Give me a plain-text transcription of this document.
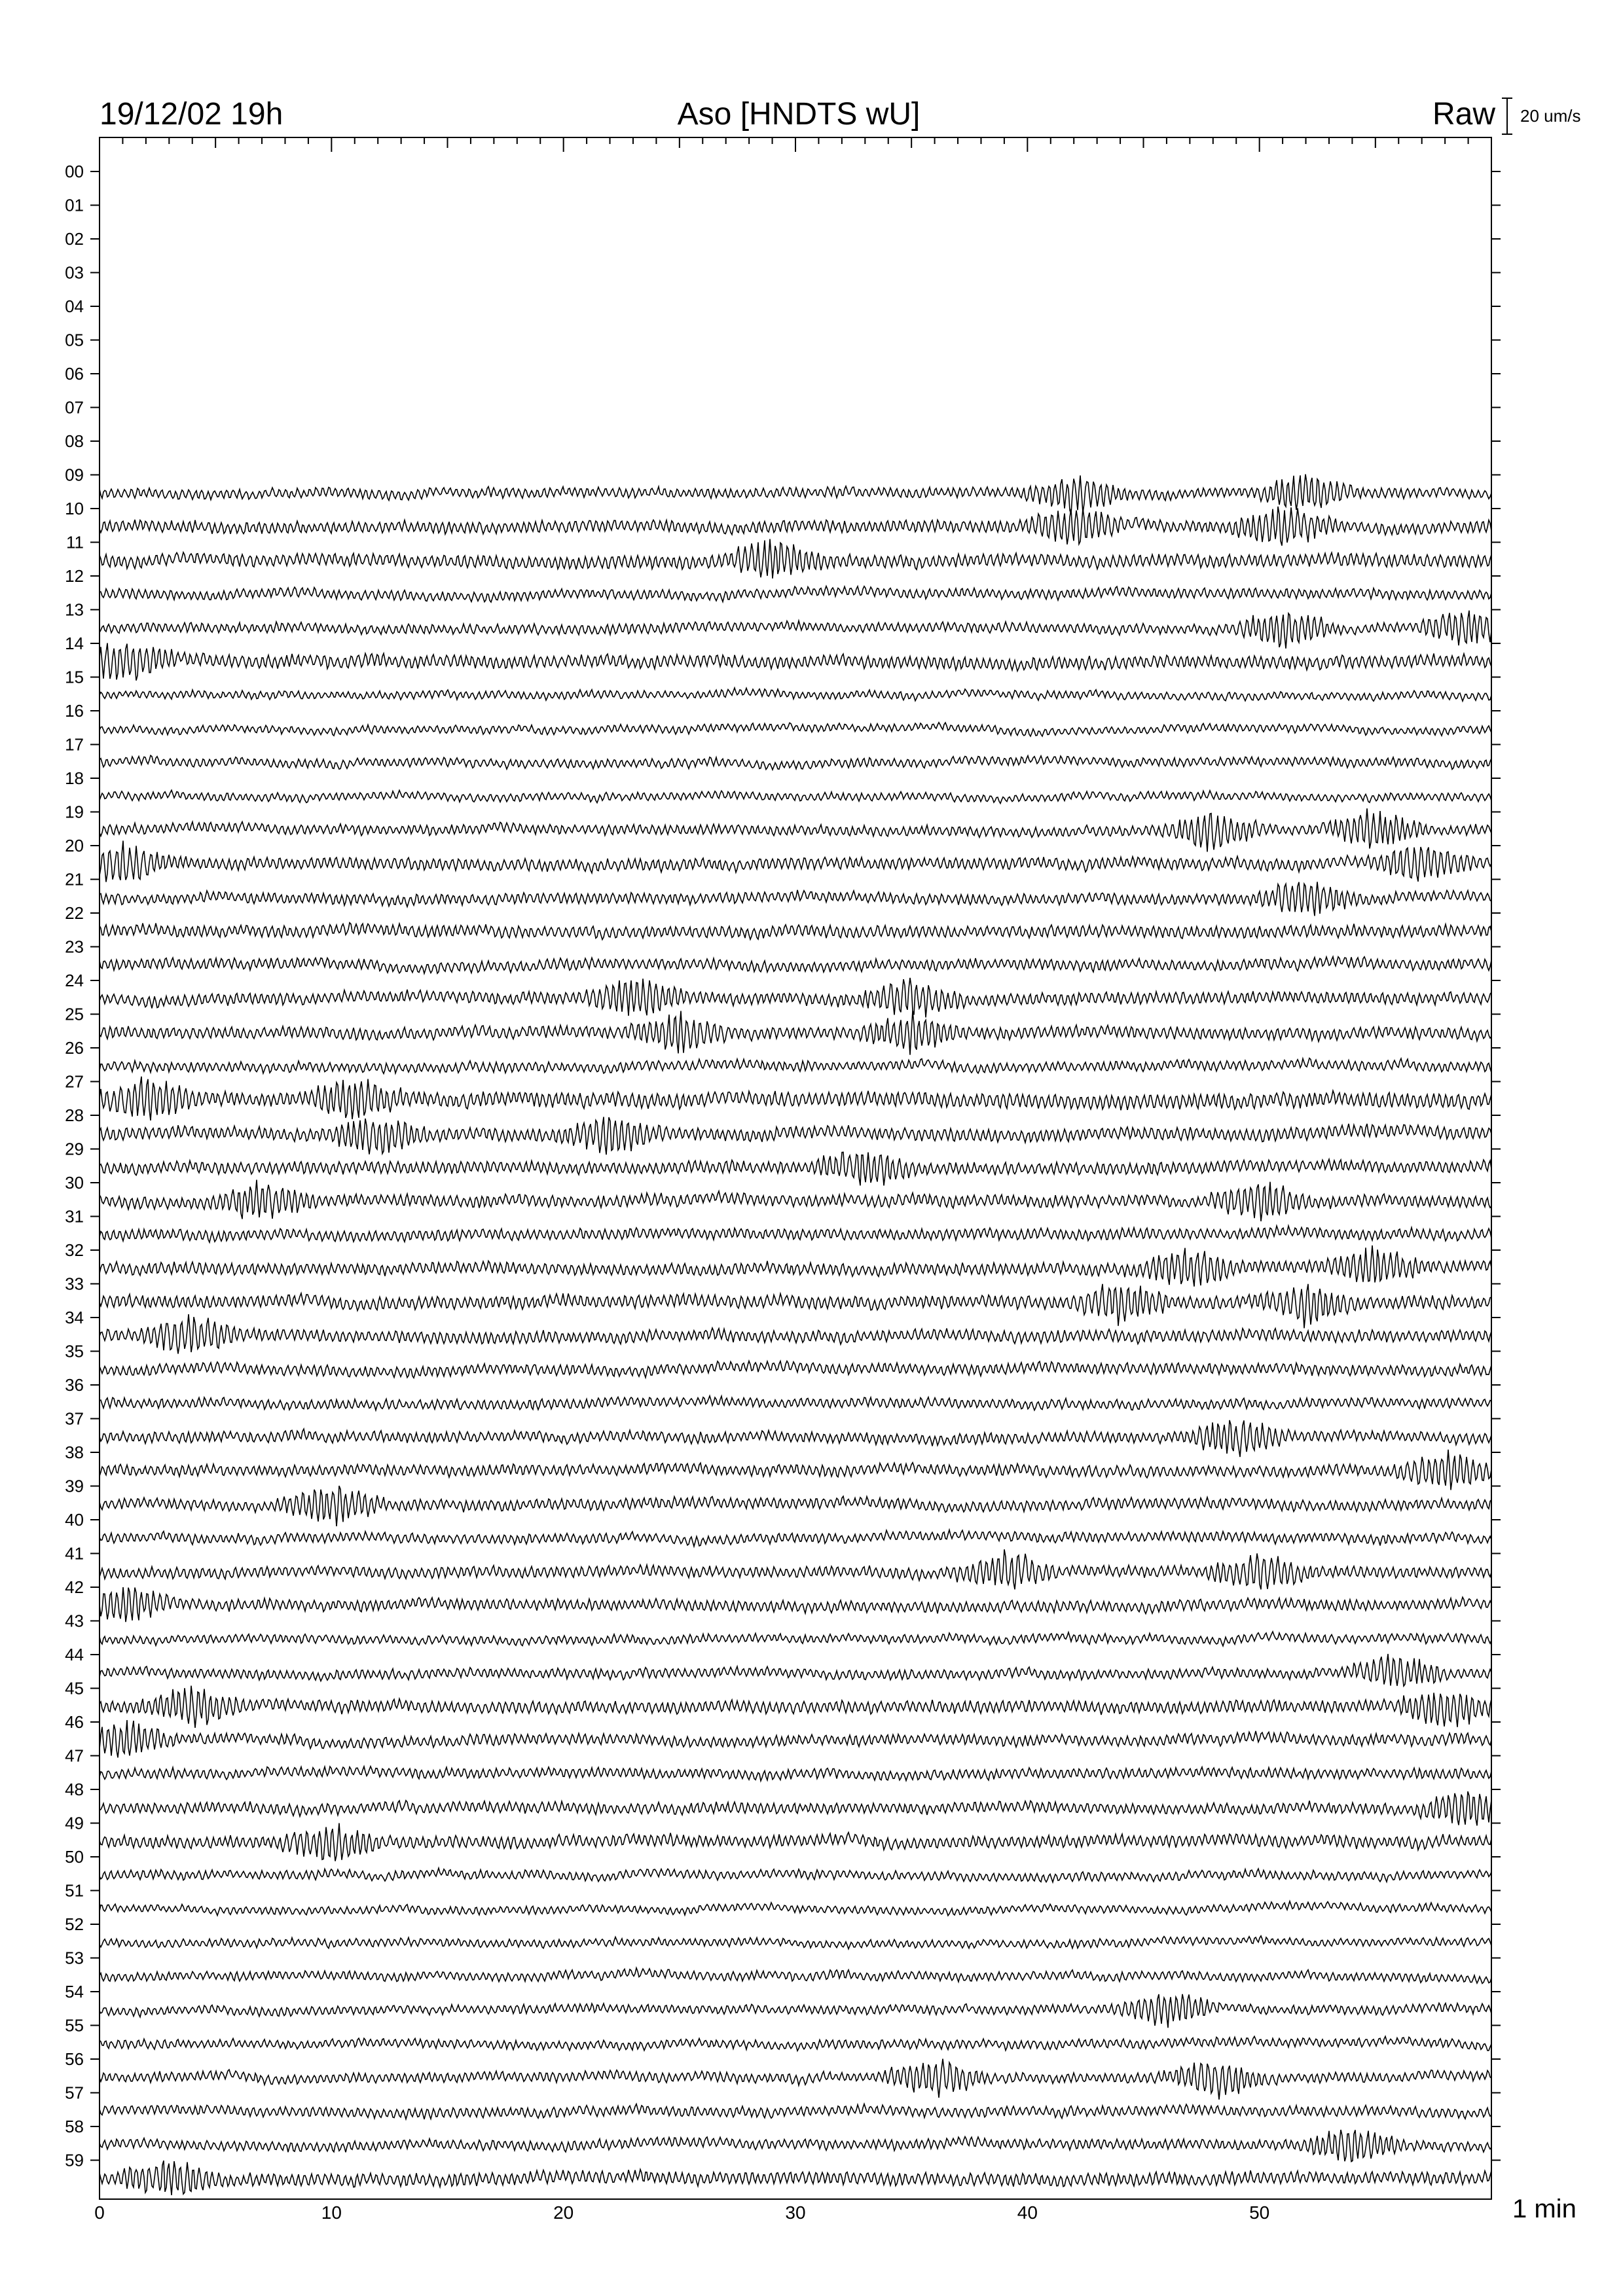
19/12/02 19h	Aso [HNDTS wU]	Raw 20 um/s
00
01
02
03
04
05
06
07
08
09
10
11
12
13
14
15
16
17
18
19
20
21
22
23
24
25
26
27
28
29
30
31
32
33
34
35
36
37
38
39
40
41
42
43
44
45
46
47
48
49
50
51
52
53
54
55
56
57
58
59
0	10	20	30	40	50	1 min
